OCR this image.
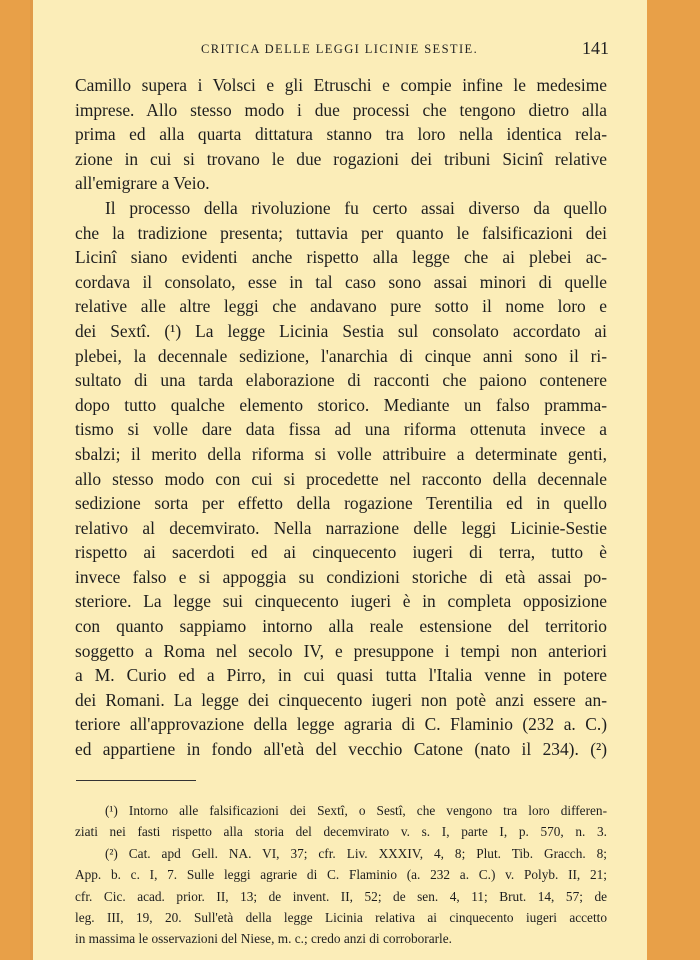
CRITICA DELLE LEGGI LICINIE SESTIE.	141
Camillo supera i Volsci e gli Etruschi e compie infine le medesime
imprese. Allo stesso modo i due processi che tengono dietro alla
prima ed alla quarta dittatura stanno tra loro nella identica rela-
zione in cui si trovano le due rogazioni dei tribuni Sicinî relative
all'emigrare a Veio.
Il processo della rivoluzione fu certo assai diverso da quello
che la tradizione presenta; tuttavia per quanto le falsificazioni dei
Licinî siano evidenti anche rispetto alla legge che ai plebei ac-
cordava il consolato, esse in tal caso sono assai minori di quelle
relative alle altre leggi che andavano pure sotto il nome loro e
dei Sextî. (¹) La legge Licinia Sestia sul consolato accordato ai
plebei, la decennale sedizione, l'anarchia di cinque anni sono il ri-
sultato di una tarda elaborazione di racconti che paiono contenere
dopo tutto qualche elemento storico. Mediante un falso pramma-
tismo si volle dare data fissa ad una riforma ottenuta invece a
sbalzi; il merito della riforma si volle attribuire a determinate genti,
allo stesso modo con cui si procedette nel racconto della decennale
sedizione sorta per effetto della rogazione Terentilia ed in quello
relativo al decemvirato. Nella narrazione delle leggi Licinie-Sestie
rispetto ai sacerdoti ed ai cinquecento iugeri di terra, tutto è
invece falso e si appoggia su condizioni storiche di età assai po-
steriore. La legge sui cinquecento iugeri è in completa opposizione
con quanto sappiamo intorno alla reale estensione del territorio
soggetto a Roma nel secolo IV, e presuppone i tempi non anteriori
a M. Curio ed a Pirro, in cui quasi tutta l'Italia venne in potere
dei Romani. La legge dei cinquecento iugeri non potè anzi essere an-
teriore all'approvazione della legge agraria di C. Flaminio (232 a. C.)
ed appartiene in fondo all'età del vecchio Catone (nato il 234). (²)
(¹) Intorno alle falsificazioni dei Sextî, o Sestî, che vengono tra loro differen-
ziati nei fasti rispetto alla storia del decemvirato v. s. I, parte I, p. 570, n. 3.
(²) Cat. apd Gell. NA. VI, 37; cfr. Liv. XXXIV, 4, 8; Plut. Tib. Gracch. 8;
App. b. c. I, 7. Sulle leggi agrarie di C. Flaminio (a. 232 a. C.) v. Polyb. II, 21;
cfr. Cic. acad. prior. II, 13; de invent. II, 52; de sen. 4, 11; Brut. 14, 57; de
leg. III, 19, 20. Sull'età della legge Licinia relativa ai cinquecento iugeri accetto
in massima le osservazioni del Niese, m. c.; credo anzi di corroborarle.
